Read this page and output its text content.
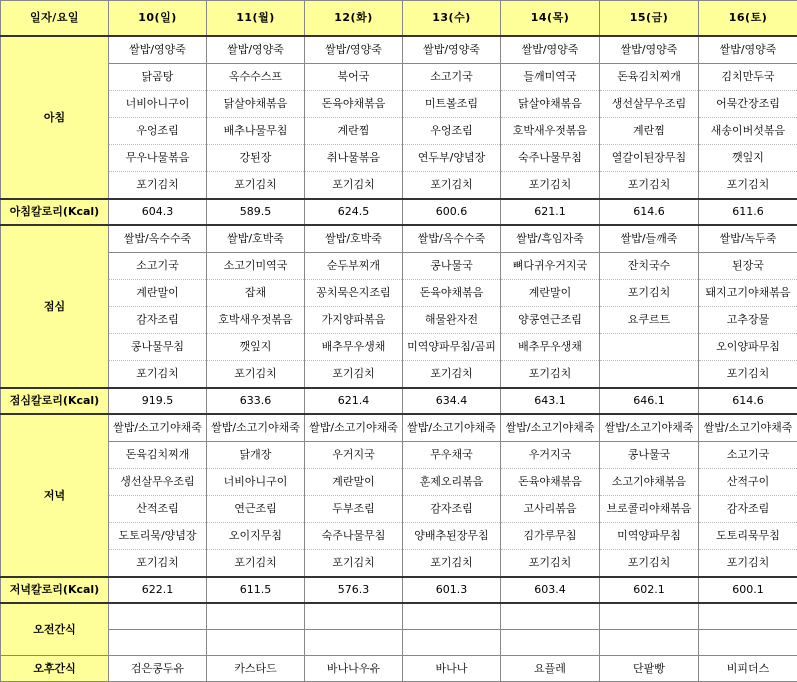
일자/요일	10(일)	11(월)	12(화)	13(수)	14(목)	15(금)	16(토)
아침	쌀밥/영양죽	쌀밥/영양죽	쌀밥/영양죽	쌀밥/영양죽	쌀밥/영양죽	쌀밥/영양죽	쌀밥/영양죽
	닭곰탕	옥수수스프	북어국	소고기국	들깨미역국	돈육김치찌개	김치만두국
	너비아니구이	닭살야채볶음	돈육야채볶음	미트볼조림	닭살야채볶음	생선살무우조림	어묵간장조림
	우엉조림	배추나물무침	계란찜	우엉조림	호박새우젓볶음	계란찜	새송이버섯볶음
	무우나물볶음	강된장	취나물볶음	연두부/양념장	숙주나물무침	열갈이된장무침	깻잎지
	포기김치	포기김치	포기김치	포기김치	포기김치	포기김치	포기김치
아침칼로리(Kcal)	604.3	589.5	624.5	600.6	621.1	614.6	611.6
점심	쌀밥/옥수수죽	쌀밥/호박죽	쌀밥/호박죽	쌀밥/옥수수죽	쌀밥/흑임자죽	쌀밥/들깨죽	쌀밥/녹두죽
	소고기국	소고기미역국	순두부찌개	콩나물국	뼈다귀우거지국	잔치국수	된장국
	계란말이	잡채	꽁치묵은지조림	돈육야채볶음	계란말이	포기김치	돼지고기야채볶음
	감자조림	호박새우젓볶음	가지양파볶음	해물완자전	양콩연근조림	요쿠르트	고추장물
	콩나물무침	깻잎지	배추무우생채	미역양파무침/곰피	배추무우생채		오이양파무침
	포기김치	포기김치	포기김치	포기김치	포기김치		포기김치
점심칼로리(Kcal)	919.5	633.6	621.4	634.4	643.1	646.1	614.6
저녁	쌀밥/소고기야채죽	쌀밥/소고기야채죽	쌀밥/소고기야채죽	쌀밥/소고기야채죽	쌀밥/소고기야채죽	쌀밥/소고기야채죽	쌀밥/소고기야채죽
	돈육김치찌개	닭개장	우거지국	무우채국	우거지국	콩나물국	소고기국
	생선살무우조림	너비아니구이	계란말이	훈제오리볶음	돈육야채볶음	소고기야채볶음	산적구이
	산적조림	연근조림	두부조림	감자조림	고사리볶음	브로콜리야채볶음	감자조림
	도토리묵/양념장	오이지무침	숙주나물무침	양배추된장무침	김가루무침	미역양파무침	도토리묵무침
	포기김치	포기김치	포기김치	포기김치	포기김치	포기김치	포기김치
저녁칼로리(Kcal)	622.1	611.5	576.3	601.3	603.4	602.1	600.1
오전간식							

오후간식	검은콩두유	카스타드	바나나우유	바나나	요플레	단팥빵	비피더스
